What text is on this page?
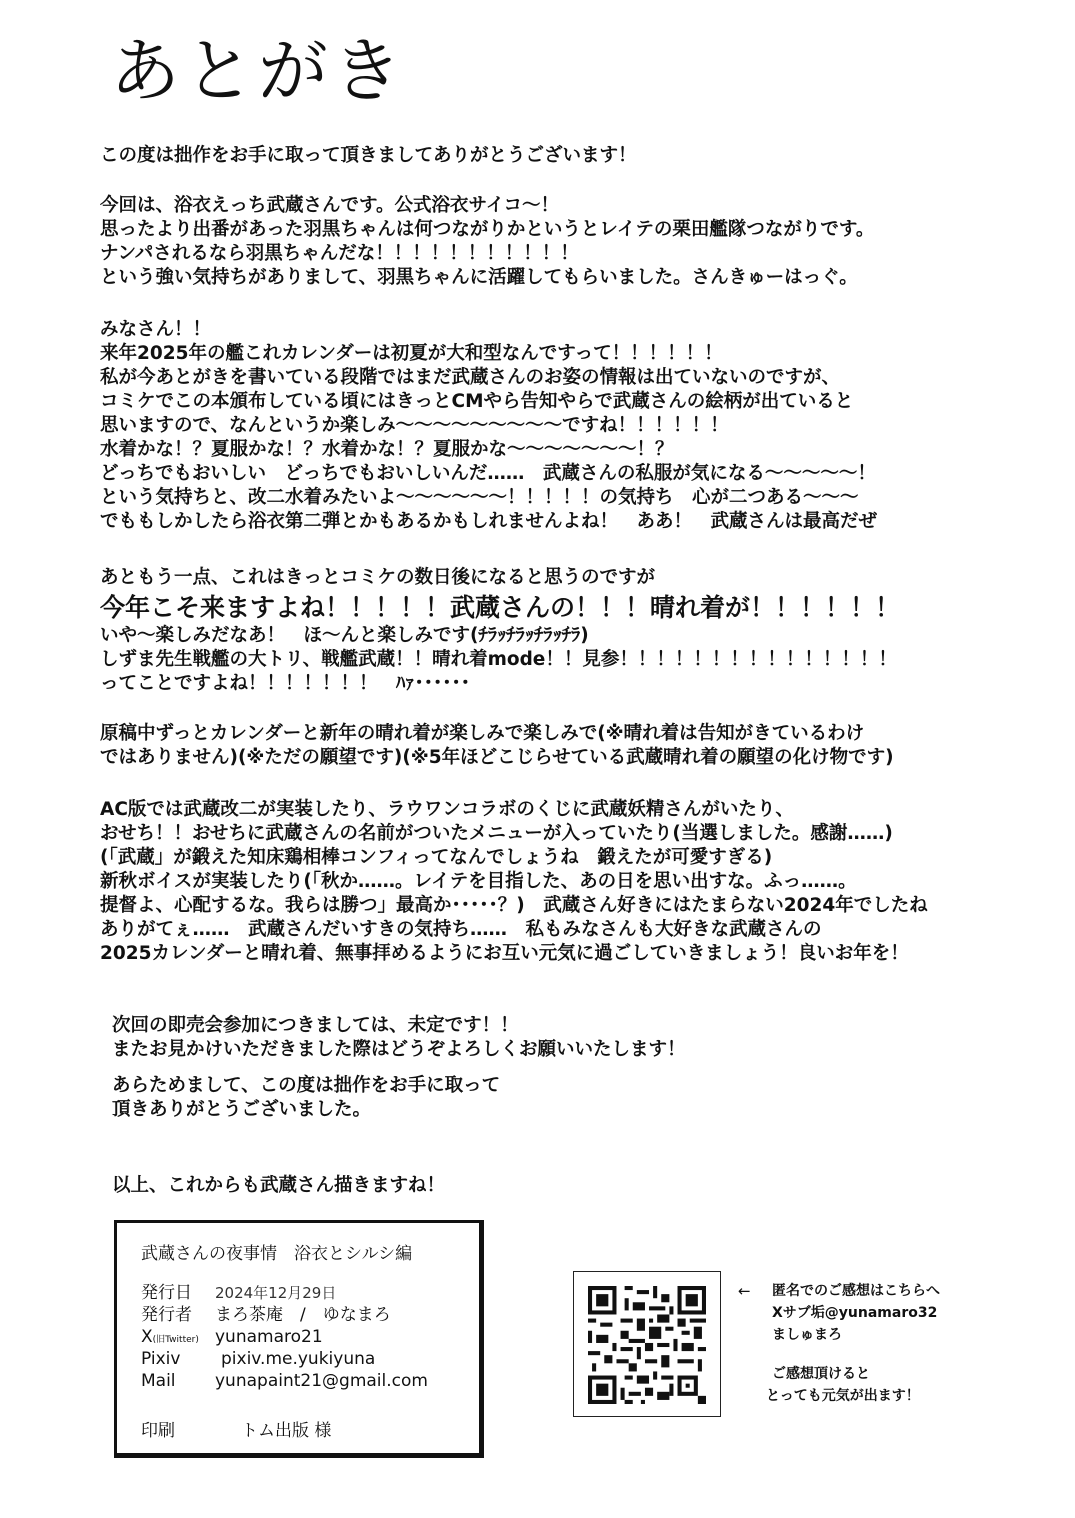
あとがき
この度は拙作をお手に取って頂きましてありがとうございます！
今回は、浴衣えっち武蔵さんです。公式浴衣サイコ～！
思ったより出番があった羽黒ちゃんは何つながりかというとレイテの栗田艦隊つながりです。
ナンパされるなら羽黒ちゃんだな！！！！！！！！！！！
という強い気持ちがありまして、羽黒ちゃんに活躍してもらいました。さんきゅーはっぐ。
みなさん！！
来年2025年の艦これカレンダーは初夏が大和型なんですって！！！！！！
私が今あとがきを書いている段階ではまだ武蔵さんのお姿の情報は出ていないのですが、
コミケでこの本頒布している頃にはきっとCMやら告知やらで武蔵さんの絵柄が出ていると
思いますので、なんというか楽しみ～～～～～～～～～ですね！！！！！！
水着かな！？夏服かな！？水着かな！？夏服かな～～～～～～～！？
どっちでもおいしい　どっちでもおいしいんだ……　武蔵さんの私服が気になる～～～～～！
という気持ちと、改二水着みたいよ～～～～～～！！！！！の気持ち　心が二つある～～～
でももしかしたら浴衣第二弾とかもあるかもしれませんよね！　ああ！　武蔵さんは最高だぜ
あともう一点、これはきっとコミケの数日後になると思うのですが
今年こそ来ますよね！！！！！武蔵さんの！！！晴れ着が！！！！！！
いや～楽しみだなあ！　ほ～んと楽しみです(ﾁﾗｯﾁﾗｯﾁﾗｯﾁﾗ)
しずま先生戦艦の大トリ、戦艦武蔵！！晴れ着mode！！見参！！！！！！！！！！！！！！！
ってことですよね！！！！！！！　ﾊｧ･･････
原稿中ずっとカレンダーと新年の晴れ着が楽しみで楽しみで(※晴れ着は告知がきているわけ
ではありません)(※ただの願望です)(※5年ほどこじらせている武蔵晴れ着の願望の化け物です)
AC版では武蔵改二が実装したり、ラウワンコラボのくじに武蔵妖精さんがいたり、
おせち！！おせちに武蔵さんの名前がついたメニューが入っていたり(当選しました。感謝……)
(「武蔵」が鍛えた知床鶏相棒コンフィってなんでしょうね　鍛えたが可愛すぎる)
新秋ボイスが実装したり(「秋か……。レイテを目指した、あの日を思い出すな。ふっ……。
提督よ、心配するな。我らは勝つ」最高か･････？)　武蔵さん好きにはたまらない2024年でしたね
ありがてぇ……　武蔵さんだいすきの気持ち……　私もみなさんも大好きな武蔵さんの
2025カレンダーと晴れ着、無事拝めるようにお互い元気に過ごしていきましょう！良いお年を！
次回の即売会参加につきましては、未定です！！
またお見かけいただきました際はどうぞよろしくお願いいたします！
あらためまして、この度は拙作をお手に取って
頂きありがとうございました。
以上、これからも武蔵さん描きますね！
武蔵さんの夜事情　浴衣とシルシ編
発行日 2024年12月29日
発行者 まろ茶庵　/　ゆなまろ
X(旧Twitter) yunamaro21
Pixiv pixiv.me.yukiyuna
Mail yunapaint21@gmail.com
印刷	トム出版 様
← 匿名でのご感想はこちらへ
Xサブ垢@yunamaro32
ましゅまろ
ご感想頂けると
とっても元気が出ます！
